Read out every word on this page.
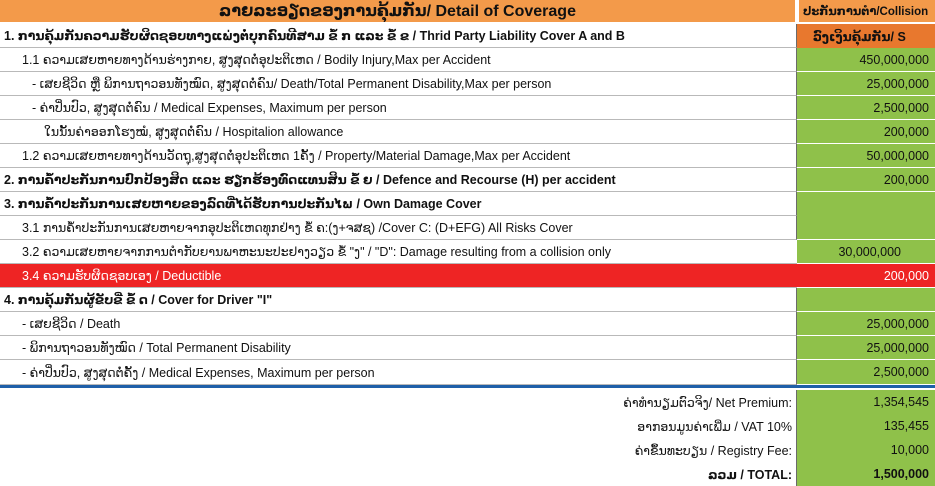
ລາຍລະອຽດຂອງການຄຸ້ມກັນ/ Detail of Coverage	ປະກັນການຕໍາ/Collision
1. ການຄຸ້ມກັນຄວາມຮັບຜິດຊອບທາງແພ່ງຕໍ່ບຸກຄົນທີສາມ ຂໍ້ ກ ແລະ ຂໍ້ ຂ / Thrid Party Liability Cover A and B	ວົງເງິນຄຸ້ມກັນ/ S
1.1 ຄວາມເສຍຫາຍທາງດ້ານຮ່າງກາຍ, ສູງສຸດຕໍ່ອຸປະຕິເຫດ / Bodily Injury,Max per Accident	450,000,000
- ເສຍຊີວິດ ຫຼື ພິການຖາວອນທັງໝົດ, ສູງສຸດຕໍ່ຄົນ/ Death/Total Permanent Disability,Max per person	25,000,000
- ຄ່າປິ່ນປົວ, ສູງສຸດຕໍ່ຄົນ / Medical Expenses, Maximum per person	2,500,000
ໃນນັ້ນຄ່າອອກໂຮງໝໍ, ສູງສຸດຕໍ່ຄົນ / Hospitalion allowance	200,000
1.2 ຄວາມເສຍຫາຍທາງດ້ານວັດຖຸ,ສູງສຸດຕໍ່ອຸປະຕິເຫດ 1ຄັ້ງ / Property/Material Damage,Max per Accident	50,000,000
2. ການຄໍ້າປະກັນການປົກປ້ອງສິດ ແລະ ຮຽກຮ້ອງທົດແທນສິນ ຂໍ້ ຍ / Defence and Recourse (H) per accident	200,000
3. ການຄໍ້າປະກັນການເສຍຫາຍຂອງລົດທີ່ໄດ້ຮັບການປະກັນໄພ / Own Damage Cover
3.1 ການຄໍ້າປະກັນການເສຍຫາຍຈາກອຸປະຕິເຫດທຸກຢ່າງ ຂໍ້ ຄ:(ງ+ຈສຊ) /Cover C: (D+EFG) All Risks Cover
3.2 ຄວາມເສຍຫາຍຈາກການຕໍາກັບຍານພາຫະນະປະຢາງວຽວ ຂໍ້ "ງ" / "D": Damage resulting from a collision only	30,000,000
3.4 ຄວາມຮັບຜິດຊອບເອງ / Deductible	200,000
4. ການຄຸ້ມກັນຜູ້ຂັບຂີ່ ຂໍ້ ດ / Cover for Driver "I"
- ເສຍຊີວິດ / Death	25,000,000
- ພິການຖາວອນທັງໝົດ / Total Permanent Disability	25,000,000
- ຄ່າປິ່ນປົວ, ສູງສຸດຕໍ່ຄັ້ງ / Medical Expenses, Maximum per person	2,500,000
ຄ່າທໍານຽມຕົວຈິງ/ Net Premium:	1,354,545
ອາກອນມູນຄ່າເພີ່ມ / VAT 10%	135,455
ຄ່າຂຶ້ນທະບຽນ / Registry Fee:	10,000
ລວມ / TOTAL:	1,500,000
